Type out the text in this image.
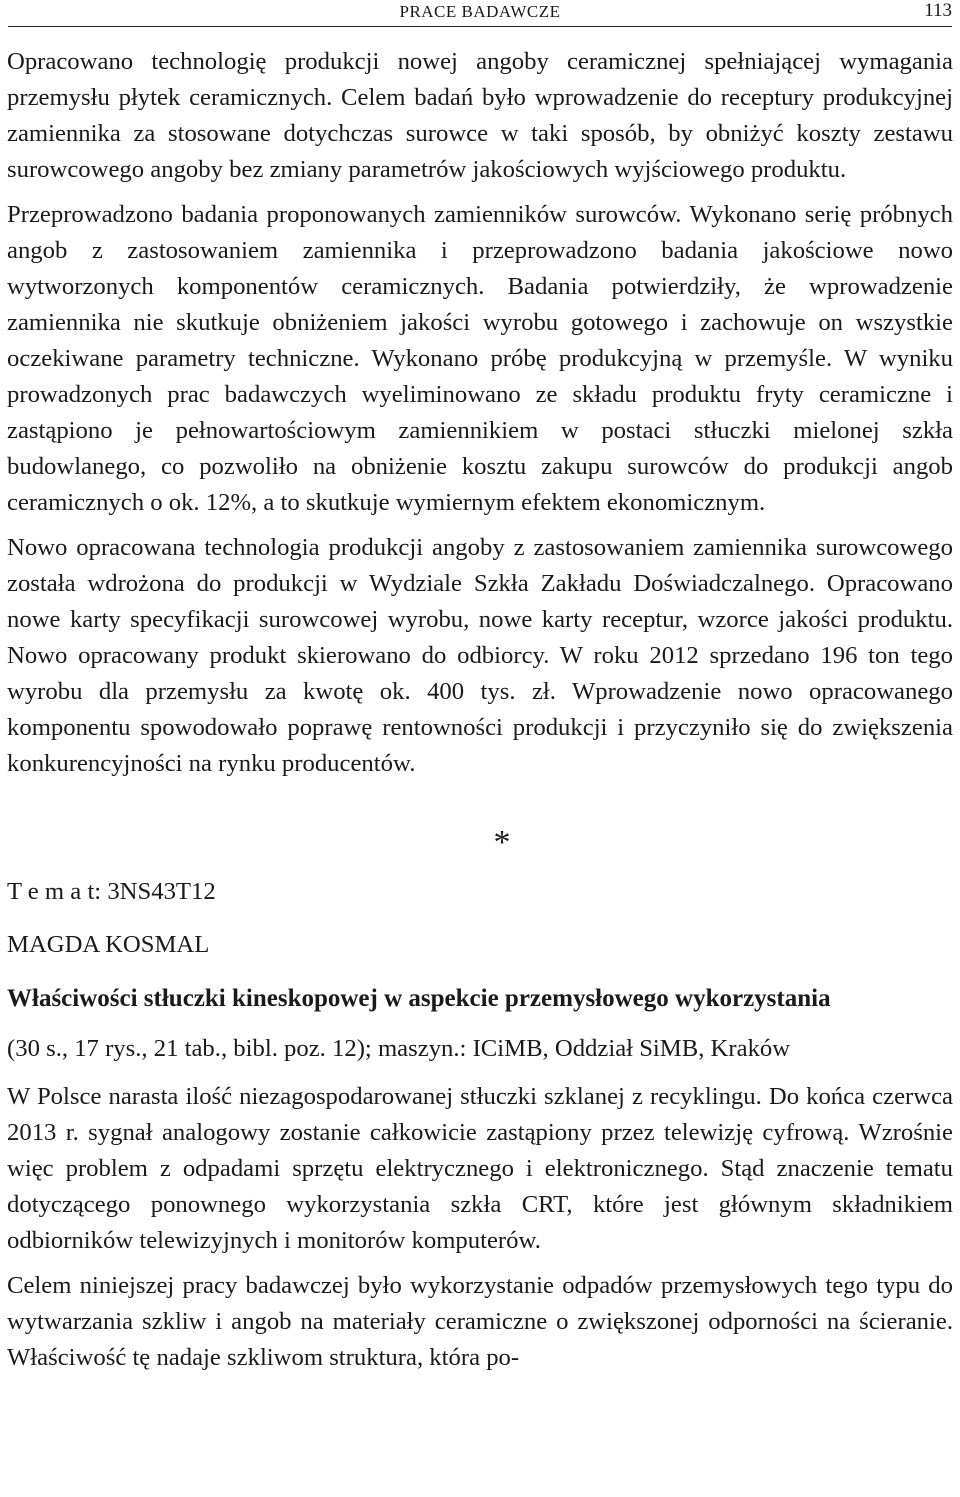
PRACE BADAWCZE	113

Opracowano technologię produkcji nowej angoby ceramicznej spełniającej wymagania przemysłu płytek ceramicznych. Celem badań było wprowadzenie do receptury produkcyjnej zamiennika za stosowane dotychczas surowce w taki sposób, by obniżyć koszty zestawu surowcowego angoby bez zmiany parametrów jakościowych wyjściowego produktu.

Przeprowadzono badania proponowanych zamienników surowców. Wykonano serię próbnych angob z zastosowaniem zamiennika i przeprowadzono badania jakościowe nowo wytworzonych komponentów ceramicznych. Badania potwierdziły, że wprowadzenie zamiennika nie skutkuje obniżeniem jakości wyrobu gotowego i zachowuje on wszystkie oczekiwane parametry techniczne. Wykonano próbę produkcyjną w przemyśle. W wyniku prowadzonych prac badawczych wyeliminowano ze składu produktu fryty ceramiczne i zastąpiono je pełnowartościowym zamiennikiem w postaci stłuczki mielonej szkła budowlanego, co pozwoliło na obniżenie kosztu zakupu surowców do produkcji angob ceramicznych o ok. 12%, a to skutkuje wymiernym efektem ekonomicznym.

Nowo opracowana technologia produkcji angoby z zastosowaniem zamiennika surowcowego została wdrożona do produkcji w Wydziale Szkła Zakładu Doświadczalnego. Opracowano nowe karty specyfikacji surowcowej wyrobu, nowe karty receptur, wzorce jakości produktu. Nowo opracowany produkt skierowano do odbiorcy. W roku 2012 sprzedano 196 ton tego wyrobu dla przemysłu za kwotę ok. 400 tys. zł. Wprowadzenie nowo opracowanego komponentu spowodowało poprawę rentowności produkcji i przyczyniło się do zwiększenia konkurencyjności na rynku producentów.

*

T e m a t: 3NS43T12

MAGDA KOSMAL

Właściwości stłuczki kineskopowej w aspekcie przemysłowego wykorzystania

(30 s., 17 rys., 21 tab., bibl. poz. 12); maszyn.: ICiMB, Oddział SiMB, Kraków

W Polsce narasta ilość niezagospodarowanej stłuczki szklanej z recyklingu. Do końca czerwca 2013 r. sygnał analogowy zostanie całkowicie zastąpiony przez telewizję cyfrową. Wzrośnie więc problem z odpadami sprzętu elektrycznego i elektronicznego. Stąd znaczenie tematu dotyczącego ponownego wykorzystania szkła CRT, które jest głównym składnikiem odbiorników telewizyjnych i monitorów komputerów.

Celem niniejszej pracy badawczej było wykorzystanie odpadów przemysłowych tego typu do wytwarzania szkliw i angob na materiały ceramiczne o zwiększonej odporności na ścieranie. Właściwość tę nadaje szkliwom struktura, która po-
